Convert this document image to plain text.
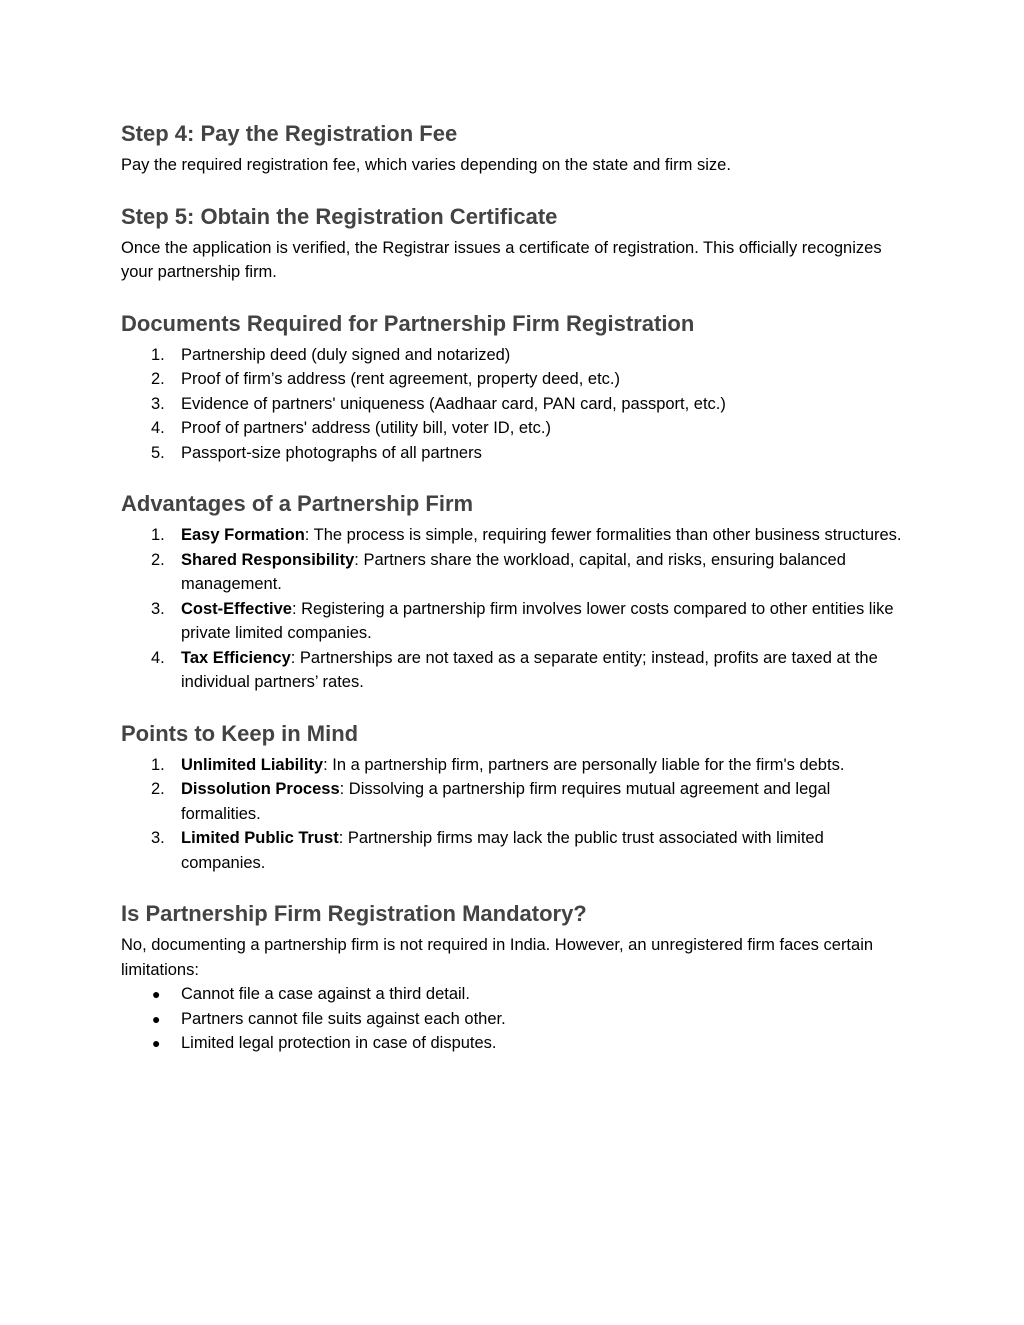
Step 4: Pay the Registration Fee

Pay the required registration fee, which varies depending on the state and firm size.

Step 5: Obtain the Registration Certificate

Once the application is verified, the Registrar issues a certificate of registration. This officially recognizes your partnership firm.

Documents Required for Partnership Firm Registration
1. Partnership deed (duly signed and notarized)
2. Proof of firm’s address (rent agreement, property deed, etc.)
3. Evidence of partners' uniqueness (Aadhaar card, PAN card, passport, etc.)
4. Proof of partners' address (utility bill, voter ID, etc.)
5. Passport-size photographs of all partners
Advantages of a Partnership Firm
1. Easy Formation: The process is simple, requiring fewer formalities than other business structures.
2. Shared Responsibility: Partners share the workload, capital, and risks, ensuring balanced management.
3. Cost-Effective: Registering a partnership firm involves lower costs compared to other entities like private limited companies.
4. Tax Efficiency: Partnerships are not taxed as a separate entity; instead, profits are taxed at the individual partners’ rates.
Points to Keep in Mind
1. Unlimited Liability: In a partnership firm, partners are personally liable for the firm's debts.
2. Dissolution Process: Dissolving a partnership firm requires mutual agreement and legal formalities.
3. Limited Public Trust: Partnership firms may lack the public trust associated with limited companies.
Is Partnership Firm Registration Mandatory?

No, documenting a partnership firm is not required in India. However, an unregistered firm faces certain limitations:

● Cannot file a case against a third detail.
● Partners cannot file suits against each other.
● Limited legal protection in case of disputes.
